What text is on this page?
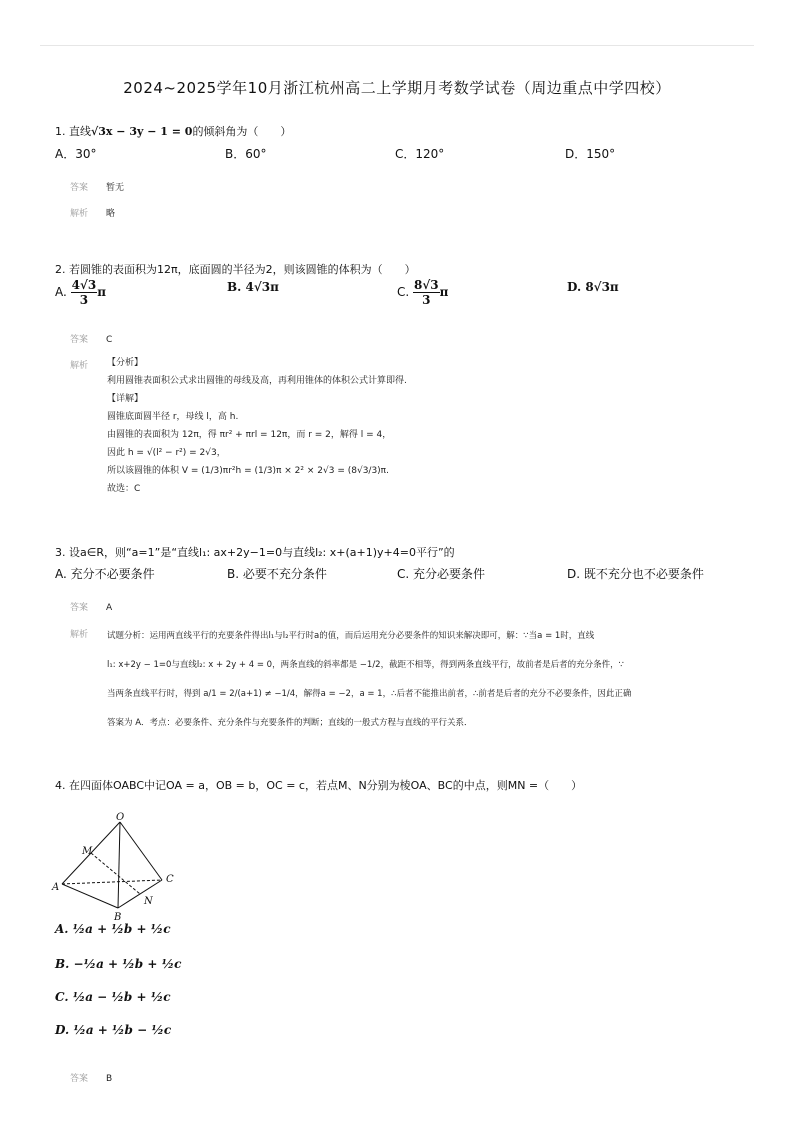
2024~2025学年10月浙江杭州高二上学期月考数学试卷（周边重点中学四校）
1. 直线√3x − 3y − 1 = 0的倾斜角为（　　）
A．30°	B．60°	C．120°	D．150°
答案 暂无
解析 略
2. 若圆锥的表面积为12π，底面圆的半径为2，则该圆锥的体积为（　　）
A. $\frac{4√3}{3}$ π	B. 4√3π	C. $\frac{8√3}{3}$ π	D. 8√3π
答案 C
解析	【分析】
利用圆锥表面积公式求出圆锥的母线及高，再利用锥体的体积公式计算即得.
【详解】
圆锥底面圆半径 r，母线 l，高 h.
由圆锥的表面积为 12π，得 πr² + πrl = 12π，而 r = 2，解得 l = 4，
因此 h = √(l² − r²) = 2√3，
所以该圆锥的体积 V = (1/3)πr²h = (1/3)π × 2² × 2√3 = (8√3/3)π.
故选：C
3. 设a∈R，则“a=1”是“直线l₁: ax+2y−1=0与直线l₂: x+(a+1)y+4=0平行”的
A. 充分不必要条件	B. 必要不充分条件	C. 充分必要条件	D. 既不充分也不必要条件
答案 A
解析	试题分析：运用两直线平行的充要条件得出l₁与l₂平行时a的值，而后运用充分必要条件的知识来解决即可，解：∵当a = 1时，直线
l₁: x+2y − 1=0与直线l₂: x + 2y + 4 = 0，两条直线的斜率都是 −1/2，截距不相等，得到两条直线平行，故前者是后者的充分条件，∵
当两条直线平行时，得到 a/1 = 2/(a+1) ≠ −1/4，解得a = −2，a = 1，∴后者不能推出前者，∴前者是后者的充分不必要条件，因此正确
答案为 A．考点：必要条件、充分条件与充要条件的判断；直线的一般式方程与直线的平行关系．
4. 在四面体OABC中记OA = a，OB = b，OC = c，若点M、N分别为棱OA、BC的中点，则MN =（　　）
O
M
A
C
N
B
A. ½a + ½b + ½c
B. −½a + ½b + ½c
C. ½a − ½b + ½c
D. ½a + ½b − ½c
答案 B
